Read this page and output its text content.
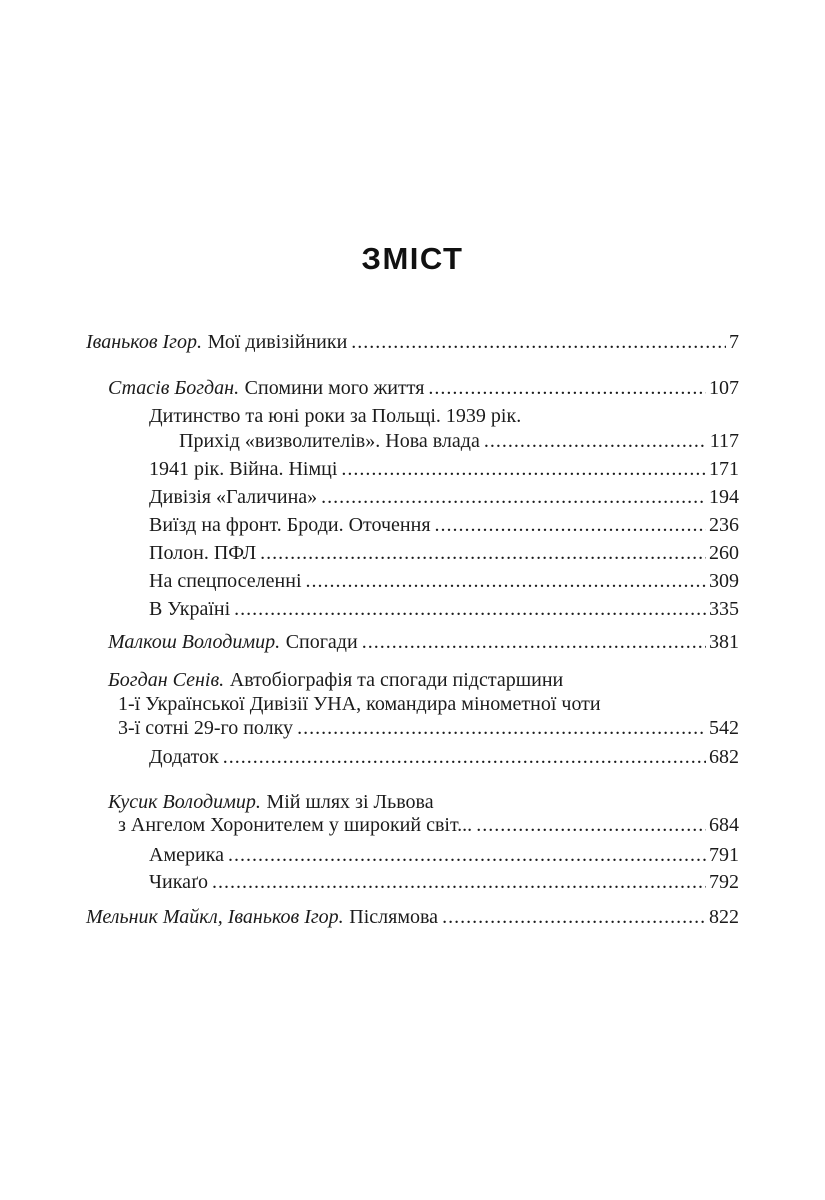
ЗМІСТ
Іваньков Ігор. Мої дивізійники .....	7
Стасів Богдан. Спомини мого життя .....	107
Дитинство та юні роки за Польщі. 1939 рік.
Прихід «визволителів». Нова влада .....	117
1941 рік. Війна. Німці .....	171
Дивізія «Галичина» .....	194
Виїзд на фронт. Броди. Оточення .....	236
Полон. ПФЛ .....	260
На спецпоселенні .....	309
В Україні .....	335
Малкош Володимир. Спогади .....	381
Богдан Сенів. Автобіографія та спогади підстаршини
1-ї Української Дивізії УНА, командира мінометної чоти
3-ї сотні 29-го полку .....	542
Додаток .....	682
Кусик Володимир. Мій шлях зі Львова
з Ангелом Хоронителем у широкий світ... .....	684
Америка .....	791
Чикаґо .....	792
Мельник Майкл, Іваньков Ігор. Післямова .....	822
